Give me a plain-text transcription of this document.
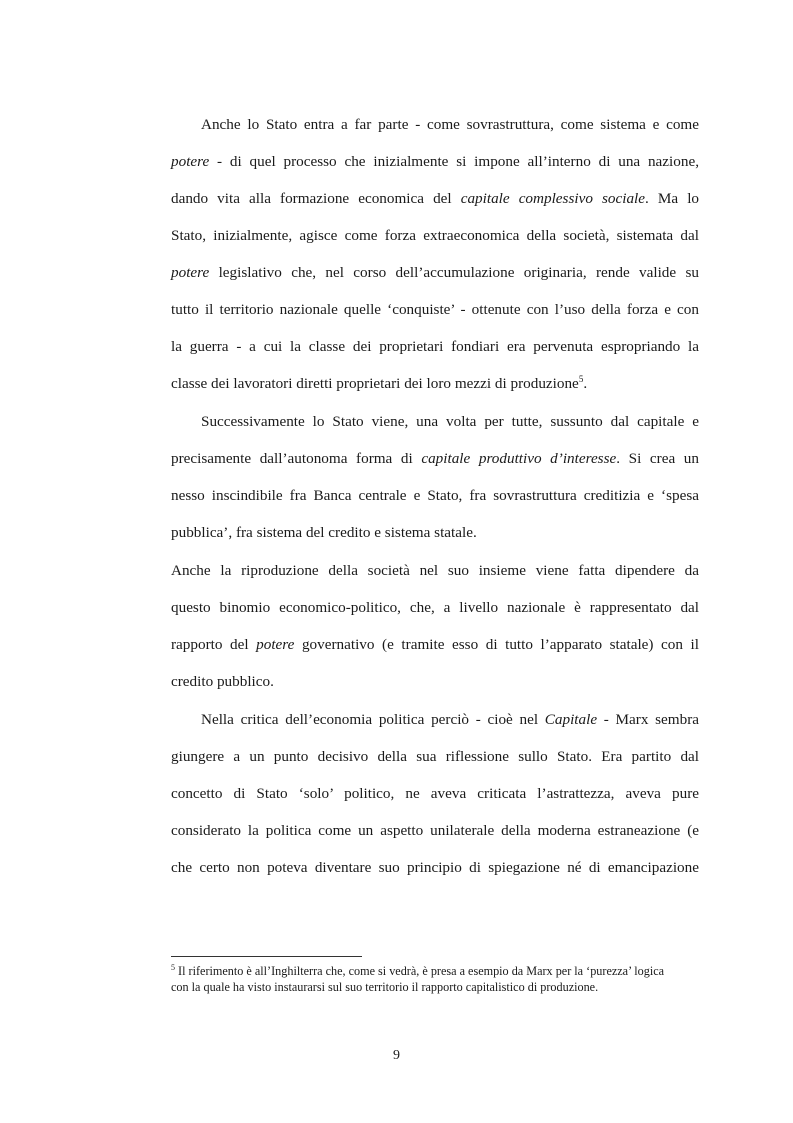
Anche lo Stato entra a far parte - come sovrastruttura, come sistema e come
potere - di quel processo che inizialmente si impone all’interno di una nazione,
dando vita alla formazione economica del capitale complessivo sociale. Ma lo
Stato, inizialmente, agisce come forza extraeconomica della società, sistemata dal
potere legislativo che, nel corso dell’accumulazione originaria, rende valide su
tutto il territorio nazionale quelle ‘conquiste’ - ottenute con l’uso della forza e con
la guerra - a cui la classe dei proprietari fondiari era pervenuta espropriando la
classe dei lavoratori diretti proprietari dei loro mezzi di produzione$^5$.
Successivamente lo Stato viene, una volta per tutte, sussunto dal capitale e
precisamente dall’autonoma forma di capitale produttivo d’interesse. Si crea un
nesso inscindibile fra Banca centrale e Stato, fra sovrastruttura creditizia e ‘spesa
pubblica’, fra sistema del credito e sistema statale.
Anche la riproduzione della società nel suo insieme viene fatta dipendere da
questo binomio economico-politico, che, a livello nazionale è rappresentato dal
rapporto del potere governativo (e tramite esso di tutto l’apparato statale) con il
credito pubblico.
Nella critica dell’economia politica perciò - cioè nel Capitale - Marx sembra
giungere a un punto decisivo della sua riflessione sullo Stato. Era partito dal
concetto di Stato ‘solo’ politico, ne aveva criticata l’astrattezza, aveva pure
considerato la politica come un aspetto unilaterale della moderna estraneazione (e
che certo non poteva diventare suo principio di spiegazione né di emancipazione
$^5$ Il riferimento è all’Inghilterra che, come si vedrà, è presa a esempio da Marx per la ‘purezza’ logica
con la quale ha visto instaurarsi sul suo territorio il rapporto capitalistico di produzione.
9
